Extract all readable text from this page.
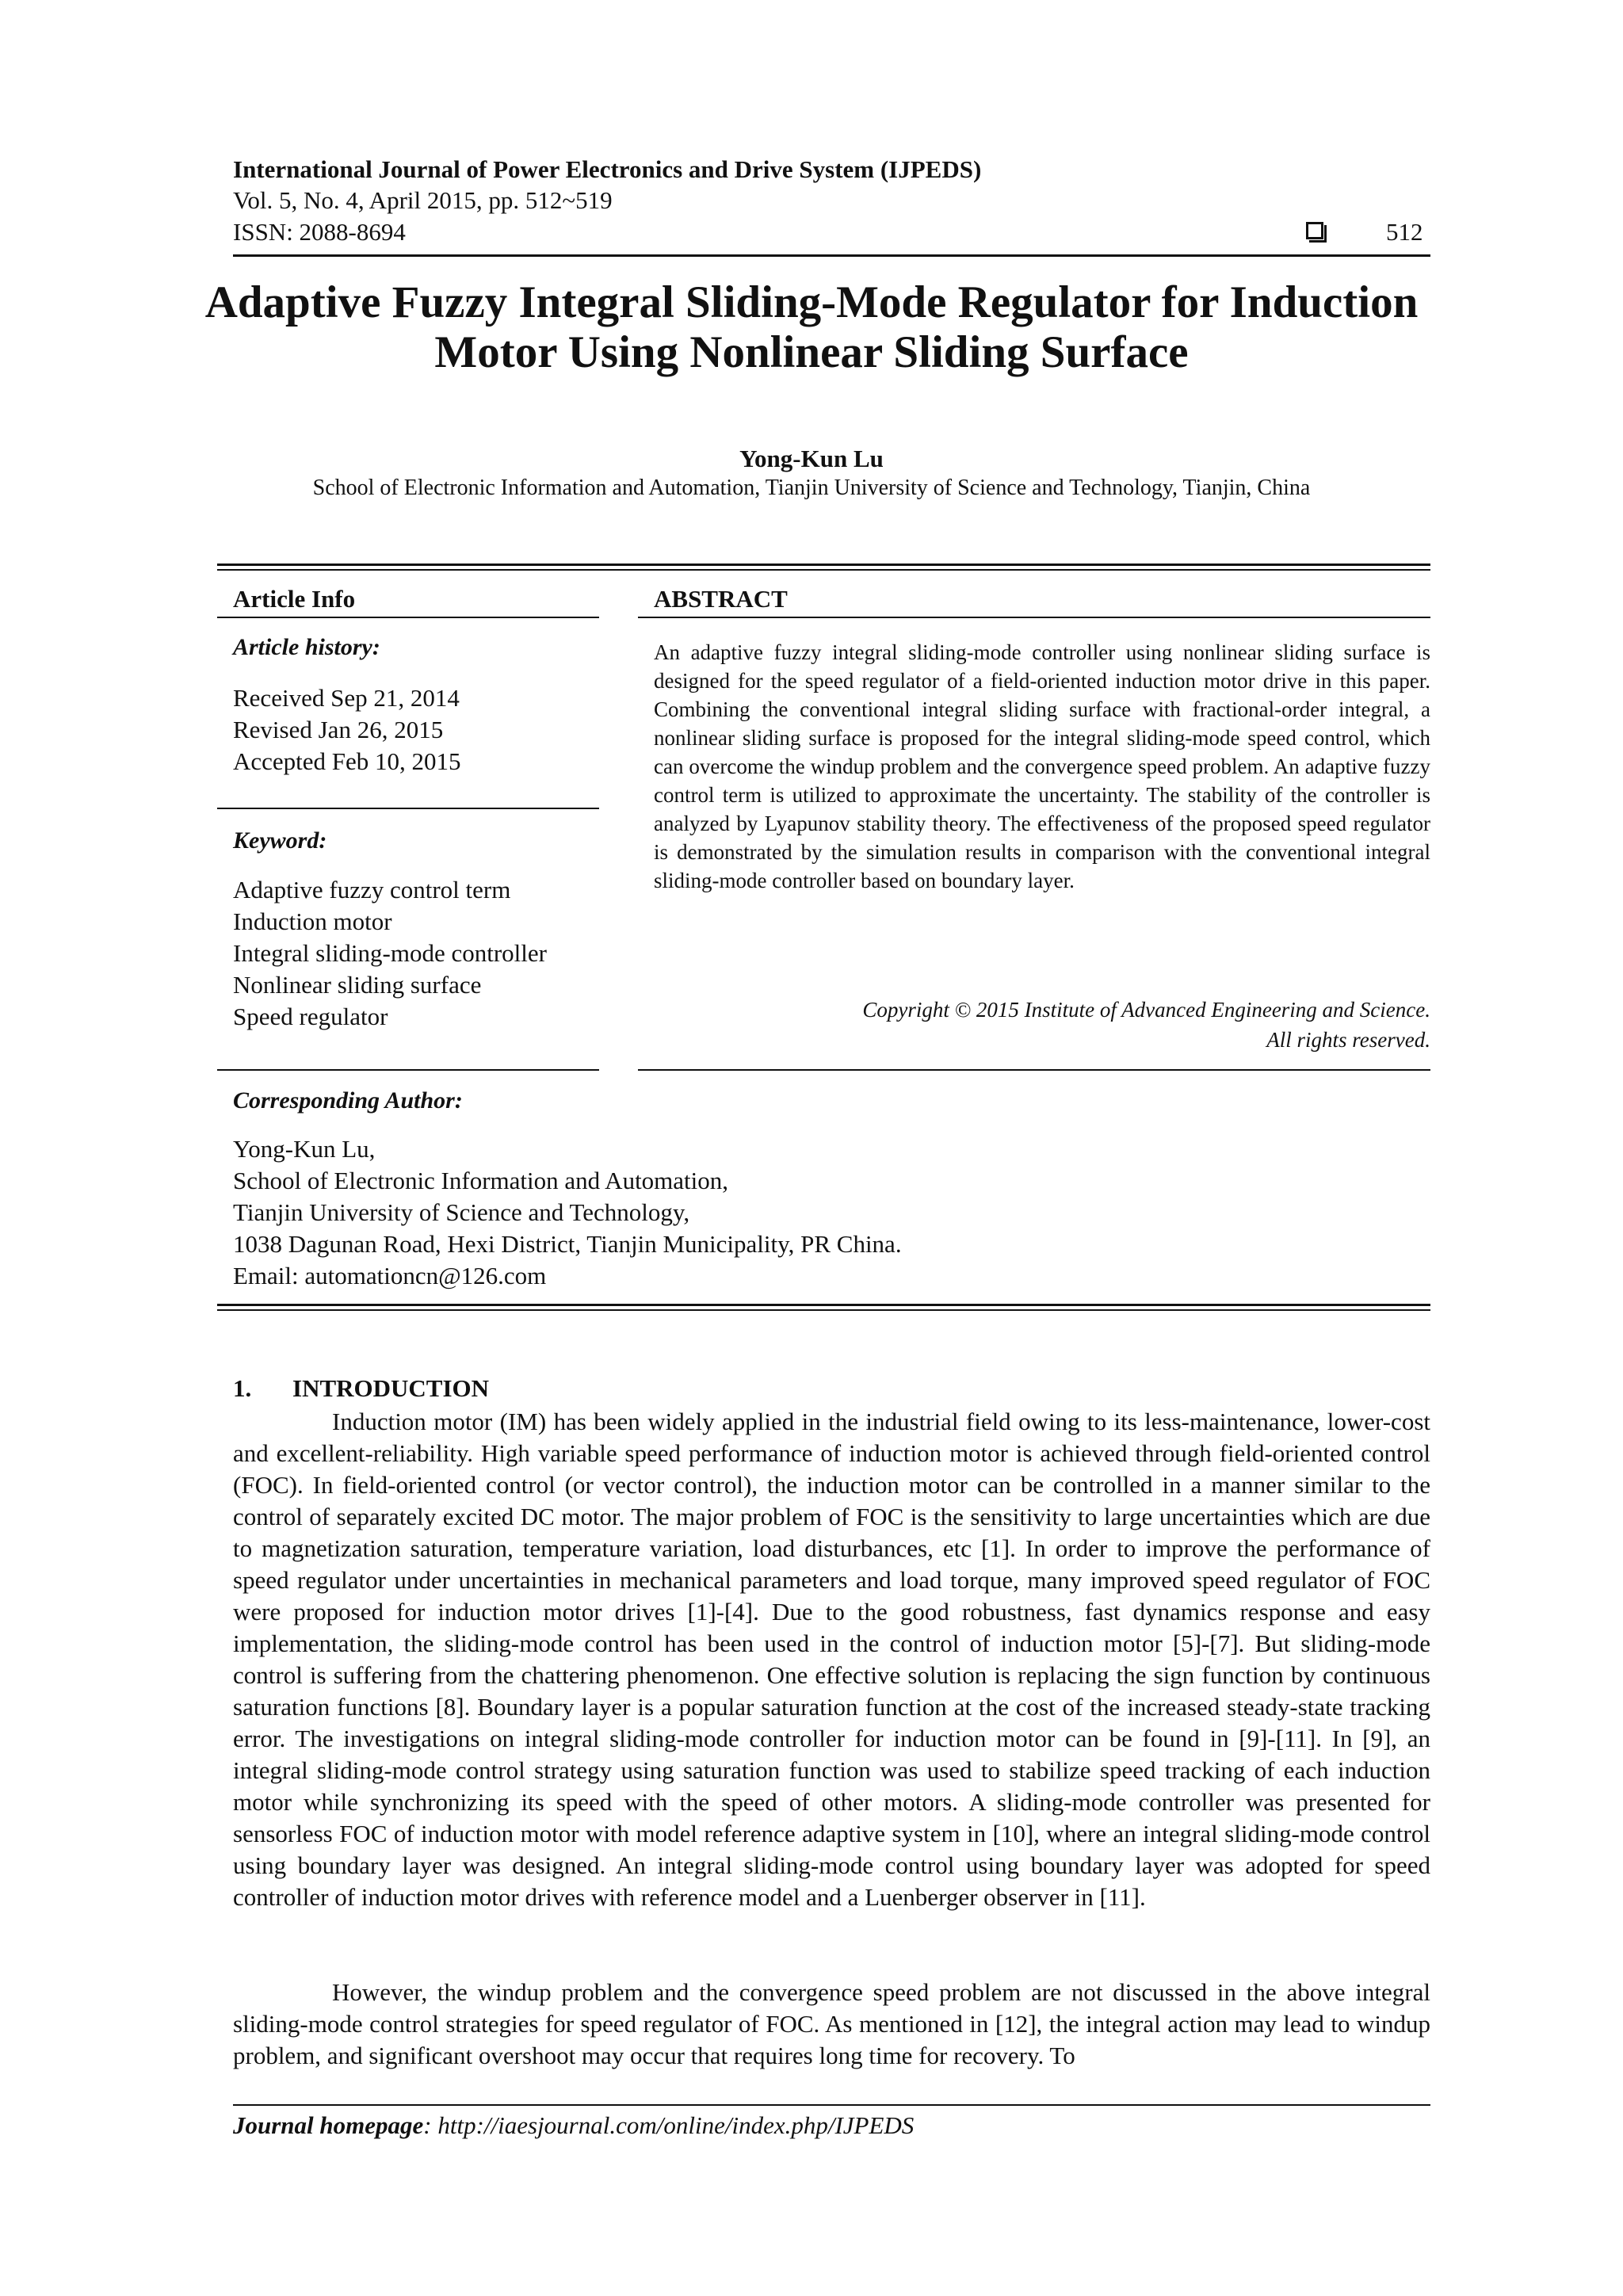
International Journal of Power Electronics and Drive System (IJPEDS)
Vol. 5, No. 4, April 2015, pp. 512~519
ISSN: 2088-8694	512
Adaptive Fuzzy Integral Sliding-Mode Regulator for Induction Motor Using Nonlinear Sliding Surface
Yong-Kun Lu
School of Electronic Information and Automation, Tianjin University of Science and Technology, Tianjin, China
Article Info
Article history:
Received Sep 21, 2014
Revised Jan 26, 2015
Accepted Feb 10, 2015
Keyword:
Adaptive fuzzy control term
Induction motor
Integral sliding-mode controller
Nonlinear sliding surface
Speed regulator
ABSTRACT
An adaptive fuzzy integral sliding-mode controller using nonlinear sliding surface is designed for the speed regulator of a field-oriented induction motor drive in this paper. Combining the conventional integral sliding surface with fractional-order integral, a nonlinear sliding surface is proposed for the integral sliding-mode speed control, which can overcome the windup problem and the convergence speed problem. An adaptive fuzzy control term is utilized to approximate the uncertainty. The stability of the controller is analyzed by Lyapunov stability theory. The effectiveness of the proposed speed regulator is demonstrated by the simulation results in comparison with the conventional integral sliding-mode controller based on boundary layer.
Copyright © 2015 Institute of Advanced Engineering and Science.
All rights reserved.
Corresponding Author:
Yong-Kun Lu,
School of Electronic Information and Automation,
Tianjin University of Science and Technology,
1038 Dagunan Road, Hexi District, Tianjin Municipality, PR China.
Email: automationcn@126.com
1. INTRODUCTION
Induction motor (IM) has been widely applied in the industrial field owing to its less-maintenance, lower-cost and excellent-reliability. High variable speed performance of induction motor is achieved through field-oriented control (FOC). In field-oriented control (or vector control), the induction motor can be controlled in a manner similar to the control of separately excited DC motor. The major problem of FOC is the sensitivity to large uncertainties which are due to magnetization saturation, temperature variation, load disturbances, etc [1]. In order to improve the performance of speed regulator under uncertainties in mechanical parameters and load torque, many improved speed regulator of FOC were proposed for induction motor drives [1]-[4]. Due to the good robustness, fast dynamics response and easy implementation, the sliding-mode control has been used in the control of induction motor [5]-[7]. But sliding-mode control is suffering from the chattering phenomenon. One effective solution is replacing the sign function by continuous saturation functions [8]. Boundary layer is a popular saturation function at the cost of the increased steady-state tracking error. The investigations on integral sliding-mode controller for induction motor can be found in [9]-[11]. In [9], an integral sliding-mode control strategy using saturation function was used to stabilize speed tracking of each induction motor while synchronizing its speed with the speed of other motors. A sliding-mode controller was presented for sensorless FOC of induction motor with model reference adaptive system in [10], where an integral sliding-mode control using boundary layer was designed. An integral sliding-mode control using boundary layer was adopted for speed controller of induction motor drives with reference model and a Luenberger observer in [11].
However, the windup problem and the convergence speed problem are not discussed in the above integral sliding-mode control strategies for speed regulator of FOC. As mentioned in [12], the integral action may lead to windup problem, and significant overshoot may occur that requires long time for recovery. To
Journal homepage: http://iaesjournal.com/online/index.php/IJPEDS
